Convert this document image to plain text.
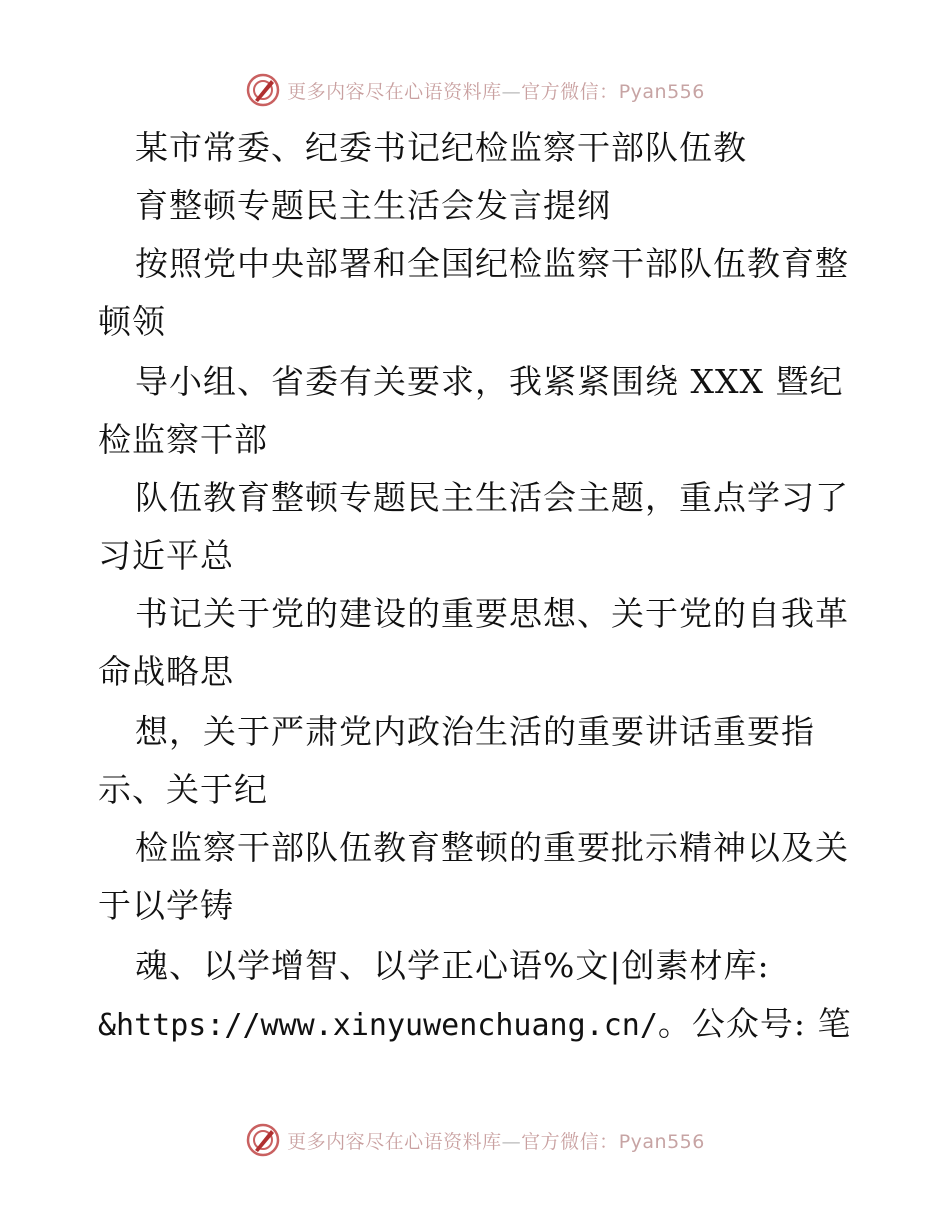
更多内容尽在心语资料库—官方微信：Pyan556
某市常委、纪委书记纪检监察干部队伍教
育整顿专题民主生活会发言提纲
按照党中央部署和全国纪检监察干部队伍教育整
顿领
导小组、省委有关要求，我紧紧围绕 XXX 暨纪
检监察干部
队伍教育整顿专题民主生活会主题，重点学习了
习近平总
书记关于党的建设的重要思想、关于党的自我革
命战略思
想，关于严肃党内政治生活的重要讲话重要指
示、关于纪
检监察干部队伍教育整顿的重要批示精神以及关
于以学铸
魂、以学增智、以学正心语%文|创素材库:
&https://www.xinyuwenchuang.cn/。公众号: 笔
更多内容尽在心语资料库—官方微信：Pyan556
